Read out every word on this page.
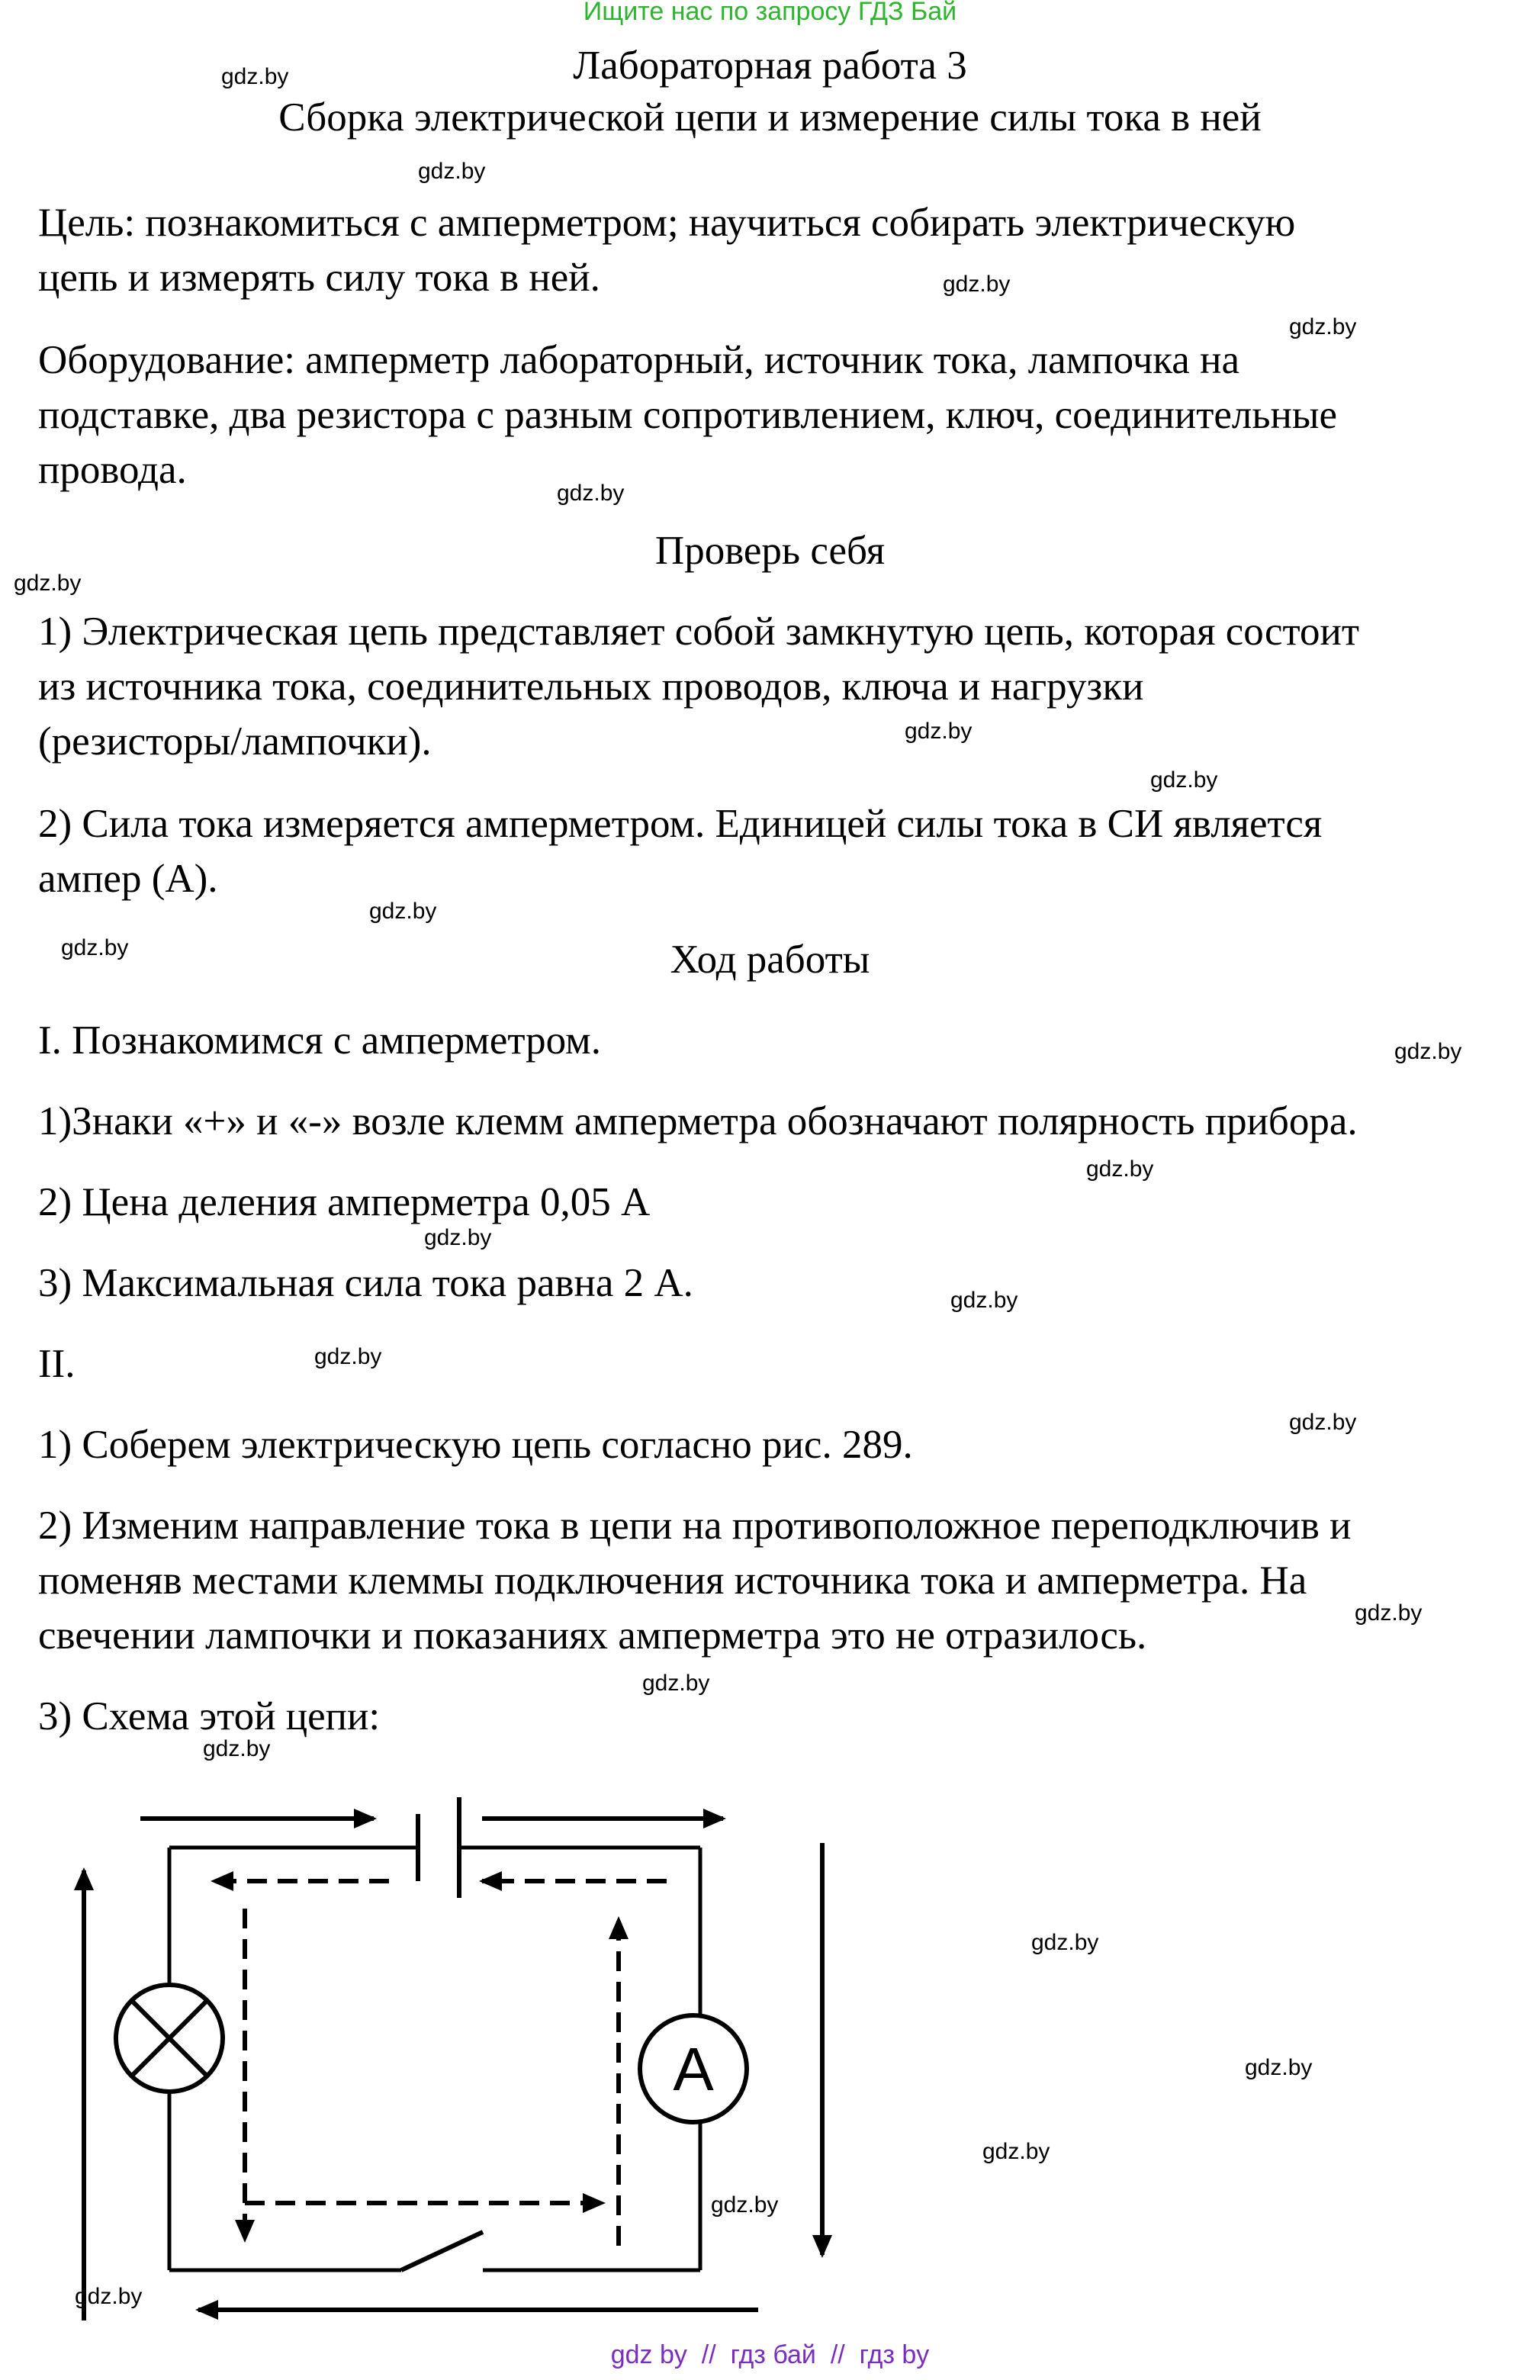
Ищите нас по запросу ГДЗ Бай
Лабораторная работа 3
Сборка электрической цепи и измерение силы тока в ней
Цель: познакомиться с амперметром; научиться собирать электрическую
цепь и измерять силу тока в ней.
Оборудование: амперметр лабораторный, источник тока, лампочка на
подставке, два резистора с разным сопротивлением, ключ, соединительные
провода.
Проверь себя
1) Электрическая цепь представляет собой замкнутую цепь, которая состоит
из источника тока, соединительных проводов, ключа и нагрузки
(резисторы/лампочки).
2) Сила тока измеряется амперметром. Единицей силы тока в СИ является
ампер (А).
Ход работы
I. Познакомимся с амперметром.
1)Знаки «+» и «-» возле клемм амперметра обозначают полярность прибора.
2) Цена деления амперметра 0,05 А
3) Максимальная сила тока равна 2 А.
II.
1) Соберем электрическую цепь согласно рис. 289.
2) Изменим направление тока в цепи на противоположное переподключив и
поменяв местами клеммы подключения источника тока и амперметра. На
свечении лампочки и показаниях амперметра это не отразилось.
3) Схема этой цепи:
A
gdz.by
gdz.by
gdz.by
gdz.by
gdz.by
gdz.by
gdz.by
gdz.by
gdz.by
gdz.by
gdz.by
gdz.by
gdz.by
gdz.by
gdz.by
gdz.by
gdz.by
gdz.by
gdz.by
gdz.by
gdz.by
gdz.by
gdz.by
gdz.by
gdz by  //  гдз бай  //  гдз by
